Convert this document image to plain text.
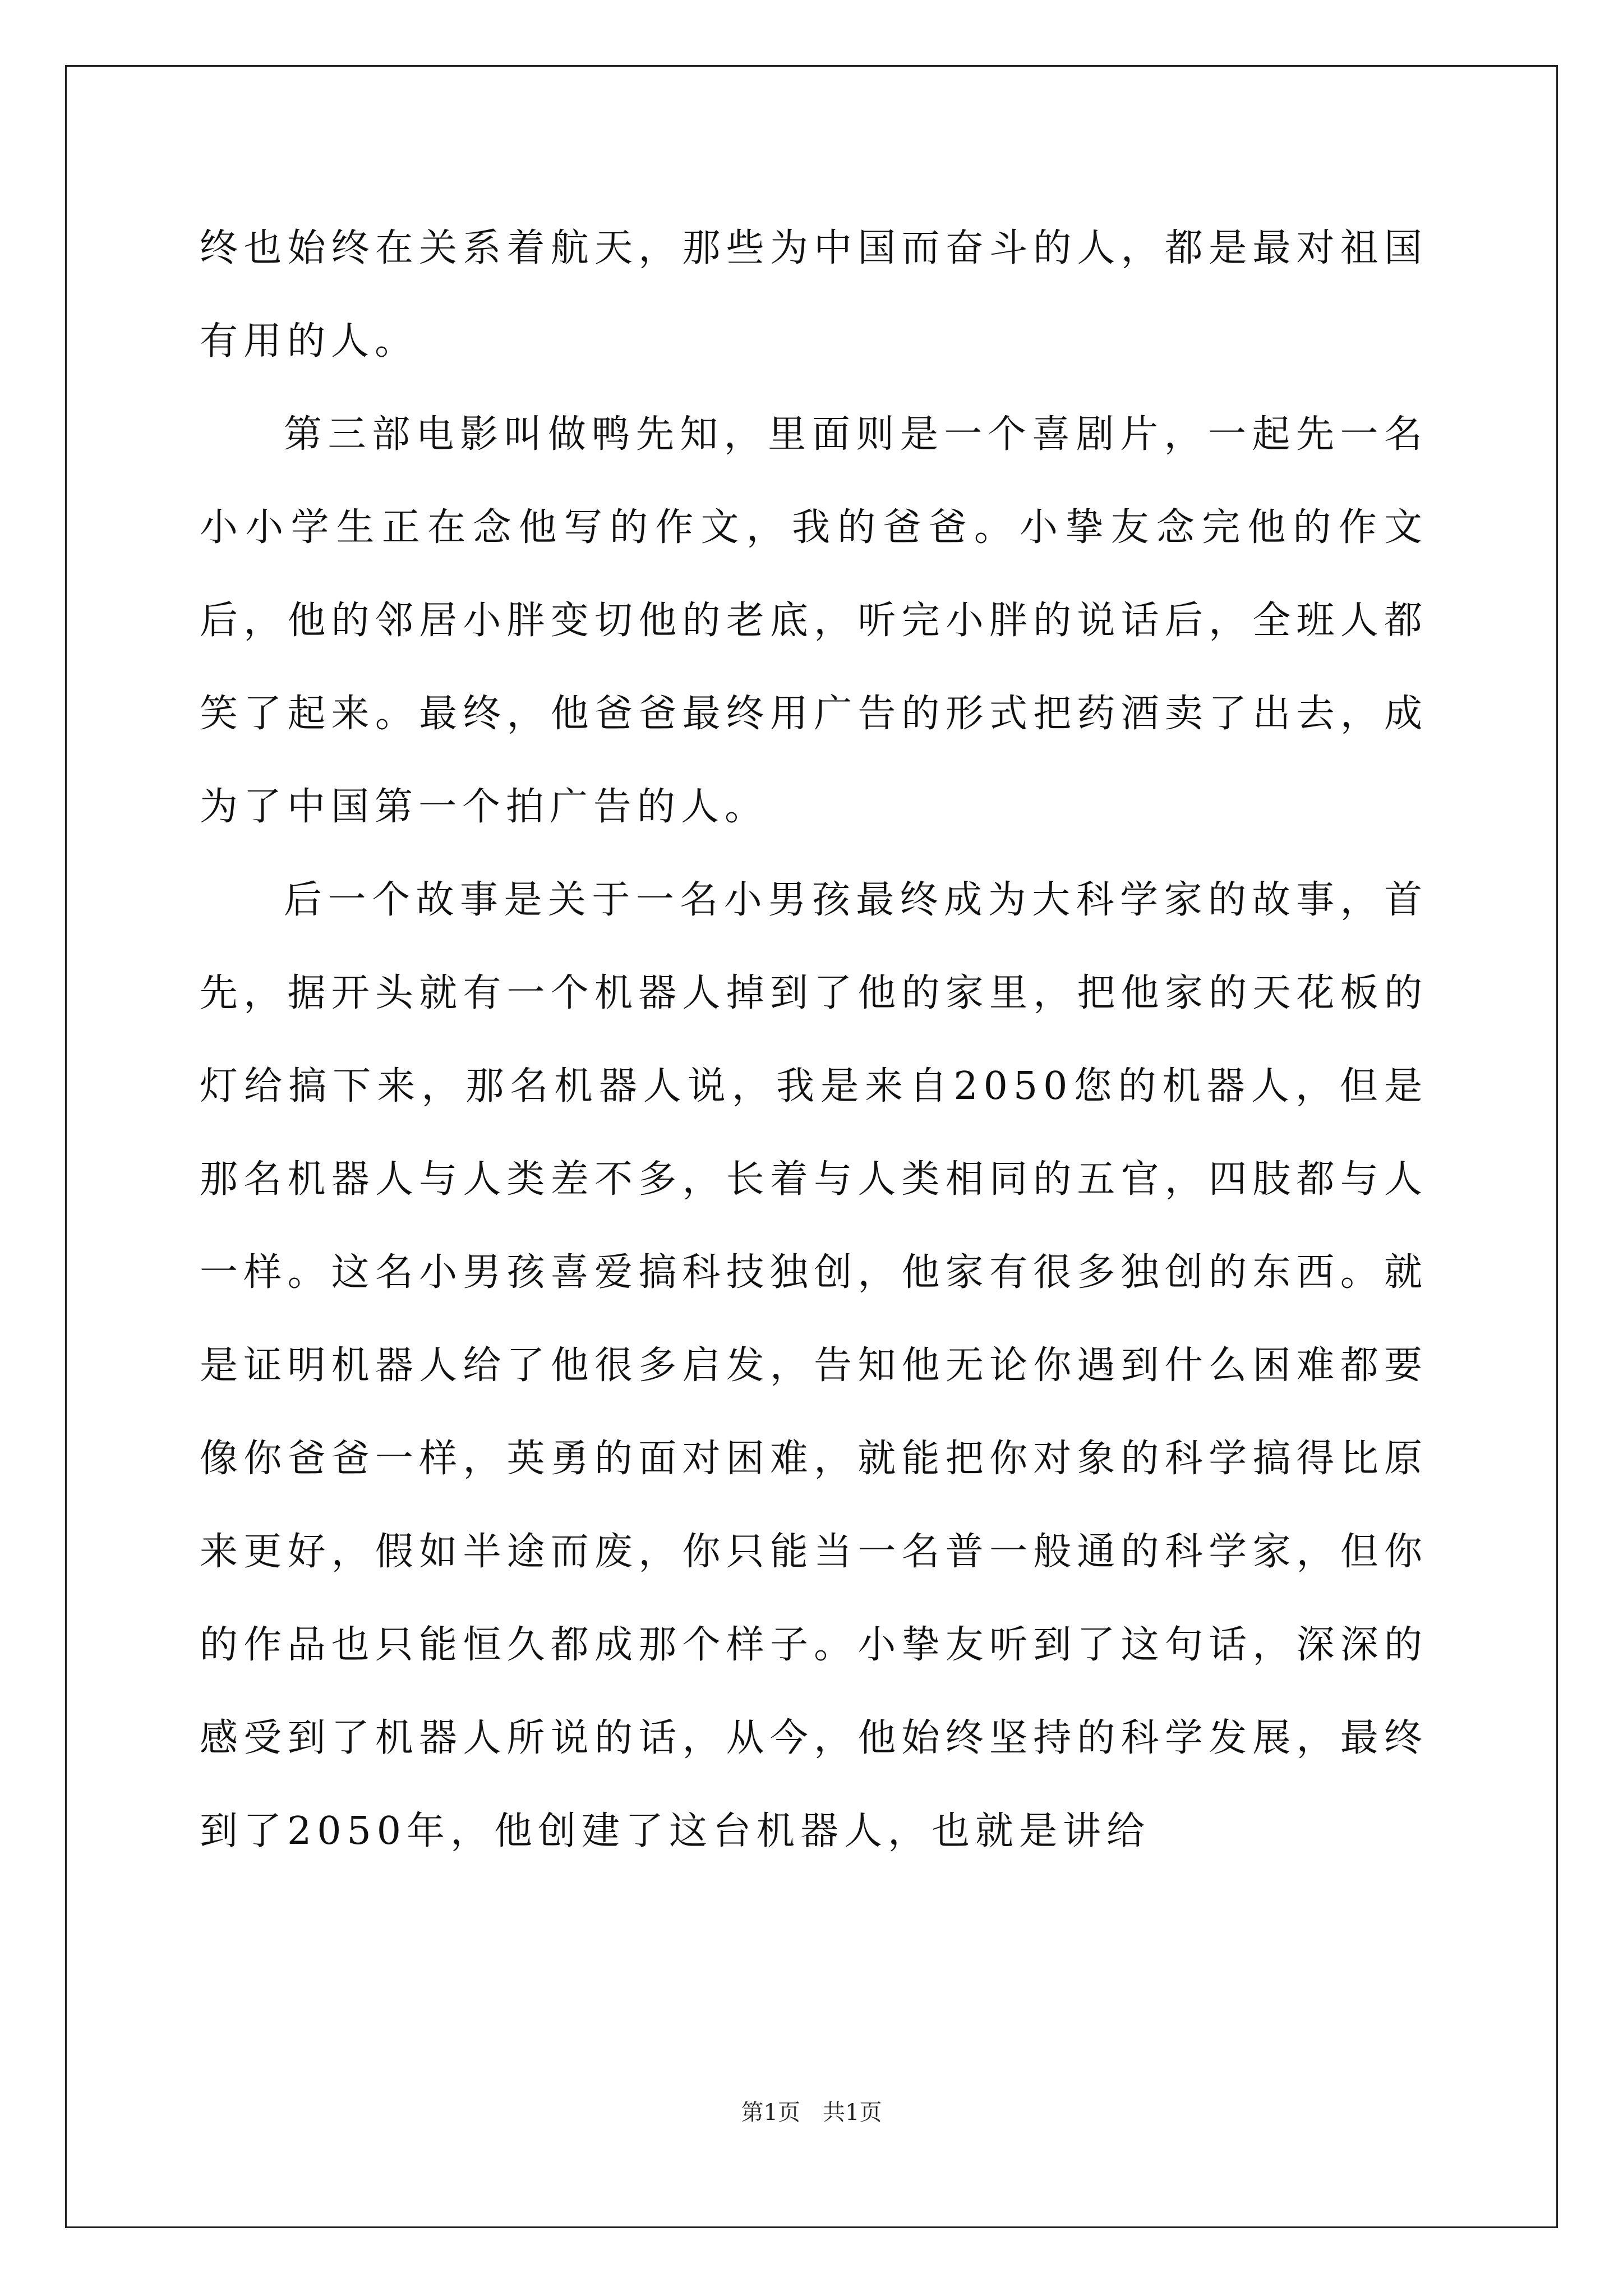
终也始终在关系着航天，那些为中国而奋斗的人，都是最对祖国有用的人。

第三部电影叫做鸭先知，里面则是一个喜剧片，一起先一名小小学生正在念他写的作文，我的爸爸。小挚友念完他的作文后，他的邻居小胖变切他的老底，听完小胖的说话后，全班人都笑了起来。最终，他爸爸最终用广告的形式把药酒卖了出去，成为了中国第一个拍广告的人。

后一个故事是关于一名小男孩最终成为大科学家的故事，首先，据开头就有一个机器人掉到了他的家里，把他家的天花板的灯给搞下来，那名机器人说，我是来自2050您的机器人，但是那名机器人与人类差不多，长着与人类相同的五官，四肢都与人一样。这名小男孩喜爱搞科技独创，他家有很多独创的东西。就是证明机器人给了他很多启发，告知他无论你遇到什么困难都要像你爸爸一样，英勇的面对困难，就能把你对象的科学搞得比原来更好，假如半途而废，你只能当一名普一般通的科学家，但你的作品也只能恒久都成那个样子。小挚友听到了这句话，深深的感受到了机器人所说的话，从今，他始终坚持的科学发展，最终到了2050年，他创建了这台机器人，也就是讲给

第1页 共1页
